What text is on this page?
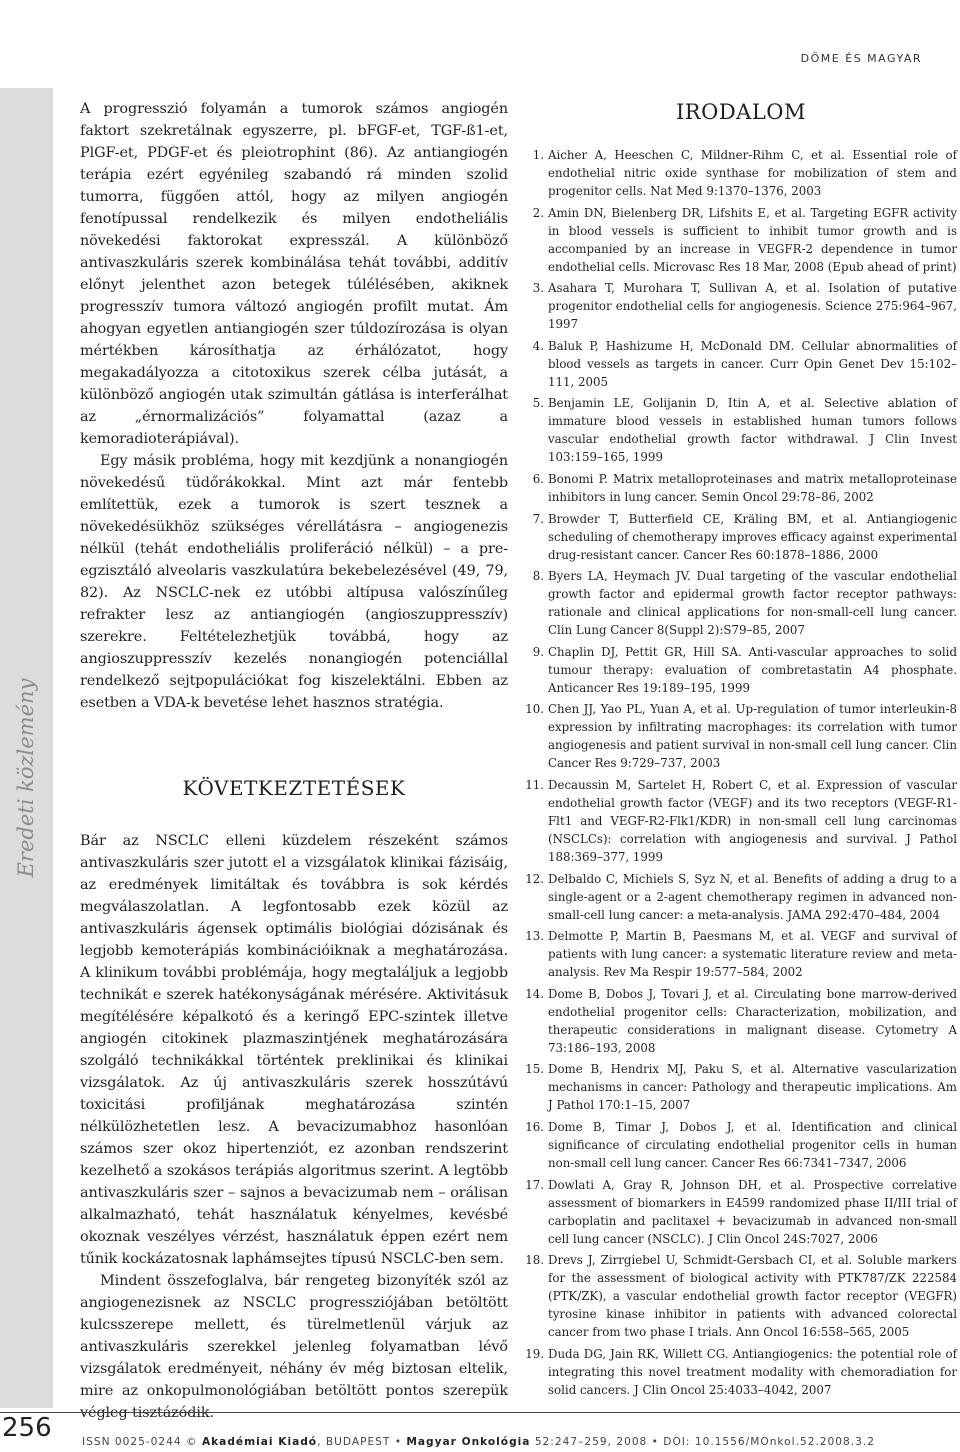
DÖME ÉS MAGYAR
Eredeti közlemény

A progresszió folyamán a tumorok számos angiogén faktort szekretálnak egyszerre, pl. bFGF-et, TGF-ß1-et, PlGF-et, PDGF-et és pleiotrophint (86). Az antiangiogén terápia ezért egyénileg szabandó rá minden szolid tumorra, függően attól, hogy az milyen angiogén fenotípussal rendelkezik és milyen endotheliális növekedési faktorokat expresszál. A különböző antivaszkuláris szerek kombinálása tehát további, additív előnyt jelenthet azon betegek túlélésében, akiknek progresszív tumora változó angiogén profilt mutat. Ám ahogyan egyetlen antiangiogén szer túldozírozása is olyan mértékben károsíthatja az érhálózatot, hogy megakadályozza a citotoxikus szerek célba jutását, a különböző angiogén utak szimultán gátlása is interferálhat az „érnormalizációs” folyamattal (azaz a kemoradioterápiával).

Egy másik probléma, hogy mit kezdjünk a nonangiogén növekedésű tüdőrákokkal. Mint azt már fentebb említettük, ezek a tumorok is szert tesznek a növekedésükhöz szükséges vérellátásra – angiogenezis nélkül (tehát endotheliális proliferáció nélkül) – a pre-egzisztáló alveolaris vaszkulatúra bekebelezésével (49, 79, 82). Az NSCLC-nek ez utóbbi altípusa valószínűleg refrakter lesz az antiangiogén (angioszuppresszív) szerekre. Feltételezhetjük továbbá, hogy az angioszuppresszív kezelés nonangiogén potenciállal rendelkező sejtpopulációkat fog kiszelektálni. Ebben az esetben a VDA-k bevetése lehet hasznos stratégia.

KÖVETKEZTETÉSEK

Bár az NSCLC elleni küzdelem részeként számos antivaszkuláris szer jutott el a vizsgálatok klinikai fázisáig, az eredmények limitáltak és továbbra is sok kérdés megválaszolatlan. A legfontosabb ezek közül az antivaszkuláris ágensek optimális biológiai dózisának és legjobb kemoterápiás kombinációiknak a meghatározása. A klinikum további problémája, hogy megtaláljuk a legjobb technikát e szerek hatékonyságának mérésére. Aktivitásuk megítélésére képalkotó és a keringő EPC-szintek illetve angiogén citokinek plazmaszintjének meghatározására szolgáló technikákkal történtek preklinikai és klinikai vizsgálatok. Az új antivaszkuláris szerek hosszútávú toxicitási profiljának meghatározása szintén nélkülözhetetlen lesz. A bevacizumabhoz hasonlóan számos szer okoz hipertenziót, ez azonban rendszerint kezelhető a szokásos terápiás algoritmus szerint. A legtöbb antivaszkuláris szer – sajnos a bevacizumab nem – orálisan alkalmazható, tehát használatuk kényelmes, kevésbé okoznak veszélyes vérzést, használatuk éppen ezért nem tűnik kockázatosnak laphámsejtes típusú NSCLC-ben sem.

Mindent összefoglalva, bár rengeteg bizonyíték szól az angiogenezisnek az NSCLC progressziójában betöltött kulcsszerepe mellett, és türelmetlenül várjuk az antivaszkuláris szerekkel jelenleg folyamatban lévő vizsgálatok eredményeit, néhány év még biztosan eltelik, mire az onkopulmonológiában betöltött pontos szerepük végleg tisztázódik.

IRODALOM
1. Aicher A, Heeschen C, Mildner-Rihm C, et al. Essential role of endothelial nitric oxide synthase for mobilization of stem and progenitor cells. Nat Med 9:1370–1376, 2003
2. Amin DN, Bielenberg DR, Lifshits E, et al. Targeting EGFR activity in blood vessels is sufficient to inhibit tumor growth and is accompanied by an increase in VEGFR-2 dependence in tumor endothelial cells. Microvasc Res 18 Mar, 2008 (Epub ahead of print)
3. Asahara T, Murohara T, Sullivan A, et al. Isolation of putative progenitor endothelial cells for angiogenesis. Science 275:964–967, 1997
4. Baluk P, Hashizume H, McDonald DM. Cellular abnormalities of blood vessels as targets in cancer. Curr Opin Genet Dev 15:102–111, 2005
5. Benjamin LE, Golijanin D, Itin A, et al. Selective ablation of immature blood vessels in established human tumors follows vascular endothelial growth factor withdrawal. J Clin Invest 103:159–165, 1999
6. Bonomi P. Matrix metalloproteinases and matrix metalloproteinase inhibitors in lung cancer. Semin Oncol 29:78–86, 2002
7. Browder T, Butterfield CE, Kräling BM, et al. Antiangiogenic scheduling of chemotherapy improves efficacy against experimental drug-resistant cancer. Cancer Res 60:1878–1886, 2000
8. Byers LA, Heymach JV. Dual targeting of the vascular endothelial growth factor and epidermal growth factor receptor pathways: rationale and clinical applications for non-small-cell lung cancer. Clin Lung Cancer 8(Suppl 2):S79–85, 2007
9. Chaplin DJ, Pettit GR, Hill SA. Anti-vascular approaches to solid tumour therapy: evaluation of combretastatin A4 phosphate. Anticancer Res 19:189–195, 1999
10. Chen JJ, Yao PL, Yuan A, et al. Up-regulation of tumor interleukin-8 expression by infiltrating macrophages: its correlation with tumor angiogenesis and patient survival in non-small cell lung cancer. Clin Cancer Res 9:729–737, 2003
11. Decaussin M, Sartelet H, Robert C, et al. Expression of vascular endothelial growth factor (VEGF) and its two receptors (VEGF-R1-Flt1 and VEGF-R2-Flk1/KDR) in non-small cell lung carcinomas (NSCLCs): correlation with angiogenesis and survival. J Pathol 188:369–377, 1999
12. Delbaldo C, Michiels S, Syz N, et al. Benefits of adding a drug to a single-agent or a 2-agent chemotherapy regimen in advanced non-small-cell lung cancer: a meta-analysis. JAMA 292:470–484, 2004
13. Delmotte P, Martin B, Paesmans M, et al. VEGF and survival of patients with lung cancer: a systematic literature review and meta-analysis. Rev Ma Respir 19:577–584, 2002
14. Dome B, Dobos J, Tovari J, et al. Circulating bone marrow-derived endothelial progenitor cells: Characterization, mobilization, and therapeutic considerations in malignant disease. Cytometry A 73:186–193, 2008
15. Dome B, Hendrix MJ, Paku S, et al. Alternative vascularization mechanisms in cancer: Pathology and therapeutic implications. Am J Pathol 170:1–15, 2007
16. Dome B, Timar J, Dobos J, et al. Identification and clinical significance of circulating endothelial progenitor cells in human non-small cell lung cancer. Cancer Res 66:7341–7347, 2006
17. Dowlati A, Gray R, Johnson DH, et al. Prospective correlative assessment of biomarkers in E4599 randomized phase II/III trial of carboplatin and paclitaxel + bevacizumab in advanced non-small cell lung cancer (NSCLC). J Clin Oncol 24S:7027, 2006
18. Drevs J, Zirrgiebel U, Schmidt-Gersbach CI, et al. Soluble markers for the assessment of biological activity with PTK787/ZK 222584 (PTK/ZK), a vascular endothelial growth factor receptor (VEGFR) tyrosine kinase inhibitor in patients with advanced colorectal cancer from two phase I trials. Ann Oncol 16:558–565, 2005
19. Duda DG, Jain RK, Willett CG. Antiangiogenics: the potential role of integrating this novel treatment modality with chemoradiation for solid cancers. J Clin Oncol 25:4033–4042, 2007
256	ISSN 0025-0244 © Akadémiai Kiadó, BUDAPEST • Magyar Onkológia 52:247–259, 2008 • DOI: 10.1556/MOnkol.52.2008.3.2
